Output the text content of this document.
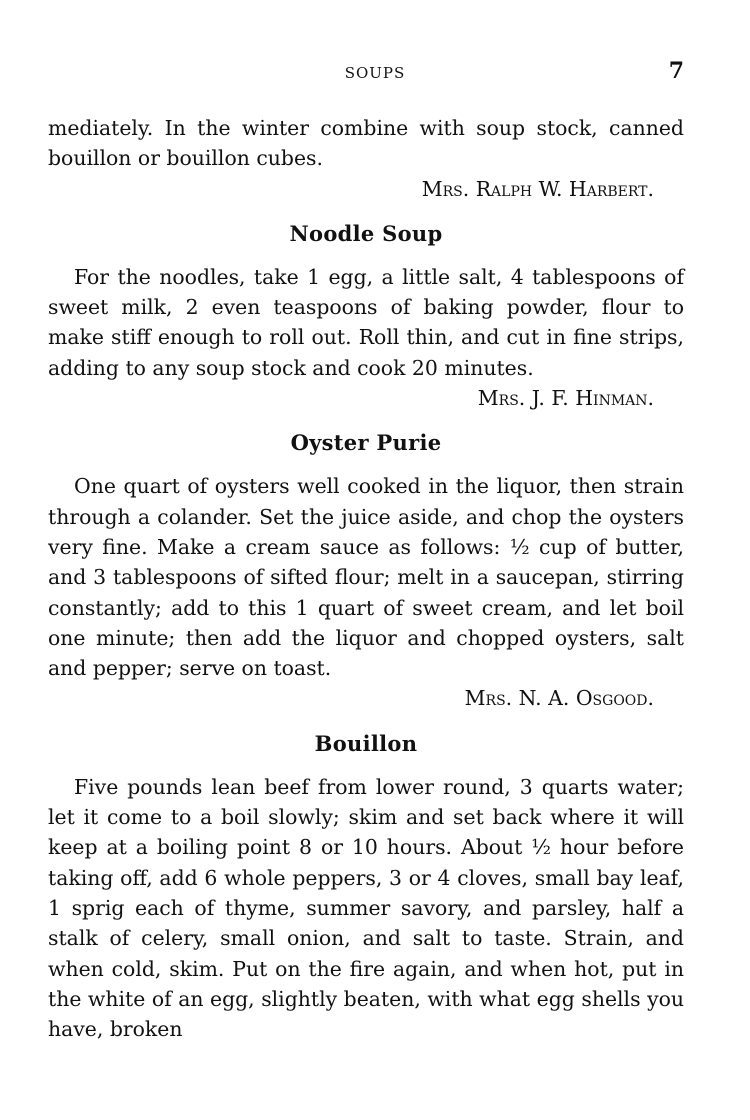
SOUPS	7

mediately. In the winter combine with soup stock, canned bouillon or bouillon cubes.

Mrs. Ralph W. Harbert.

Noodle Soup

For the noodles, take 1 egg, a little salt, 4 tablespoons of sweet milk, 2 even teaspoons of baking powder, flour to make stiff enough to roll out. Roll thin, and cut in fine strips, adding to any soup stock and cook 20 minutes.

Mrs. J. F. Hinman.

Oyster Purie

One quart of oysters well cooked in the liquor, then strain through a colander. Set the juice aside, and chop the oysters very fine. Make a cream sauce as follows: ½ cup of butter, and 3 tablespoons of sifted flour; melt in a saucepan, stirring constantly; add to this 1 quart of sweet cream, and let boil one minute; then add the liquor and chopped oysters, salt and pepper; serve on toast.

Mrs. N. A. Osgood.

Bouillon

Five pounds lean beef from lower round, 3 quarts water; let it come to a boil slowly; skim and set back where it will keep at a boiling point 8 or 10 hours. About ½ hour before taking off, add 6 whole peppers, 3 or 4 cloves, small bay leaf, 1 sprig each of thyme, summer savory, and parsley, half a stalk of celery, small onion, and salt to taste. Strain, and when cold, skim. Put on the fire again, and when hot, put in the white of an egg, slightly beaten, with what egg shells you have, broken
